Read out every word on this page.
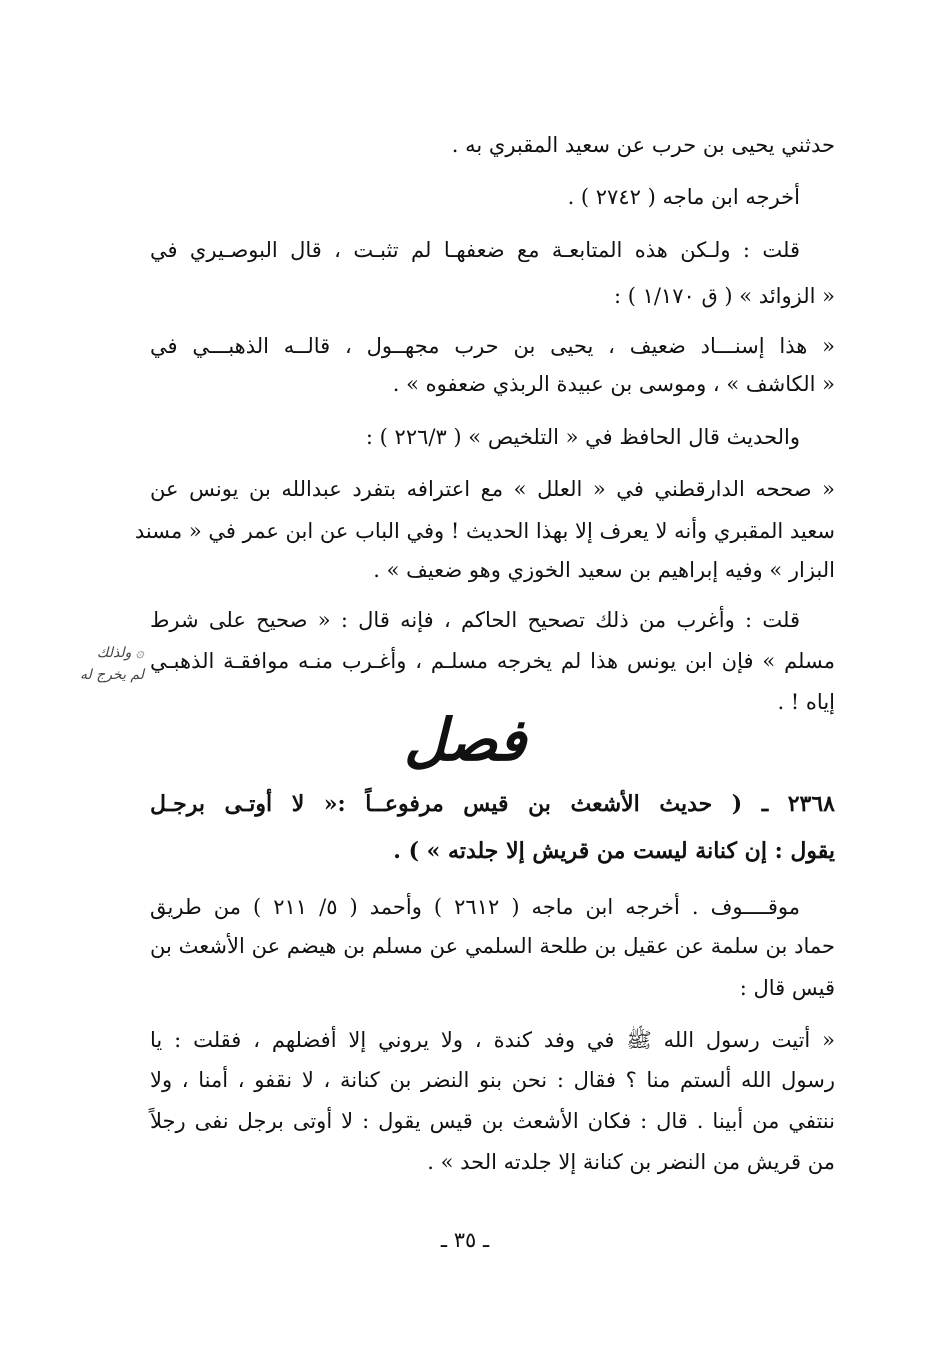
حدثني يحيى بن حرب عن سعيد المقبري به .
أخرجه ابن ماجه ( ٢٧٤٢ ) .
قلت : ولـكن هذه المتابعـة مع ضعفهـا لم تثبـت ، قال البوصـيري في
« الزوائد » ( ق ١/١٧٠ ) :
« هذا إسنـــاد ضعيف ، يحيى بن حرب مجهــول ، قالــه الذهبـــي في
« الكاشف » ، وموسى بن عبيدة الربذي ضعفوه » .
والحديث قال الحافظ في « التلخيص » ( ٢٢٦/٣ ) :
« صححه الدارقطني في « العلل » مع اعترافه بتفرد عبدالله بن يونس عن
سعيد المقبري وأنه لا يعرف إلا بهذا الحديث ! وفي الباب عن ابن عمر في « مسند
البزار » وفيه إبراهيم بن سعيد الخوزي وهو ضعيف » .
قلت : وأغرب من ذلك تصحيح الحاكم ، فإنه قال : « صحيح على شرط
مسلم » فإن ابن يونس هذا لم يخرجه مسلـم ، وأغـرب منـه موافقـة الذهبـي
إياه ! .
فصل
٢٣٦٨ ـ ( حديث الأشعث بن قيس مرفوعــاً :« لا أوتـى برجـل
يقول : إن كنانة ليست من قريش إلا جلدته » ) .
موقــــوف . أخرجه ابن ماجه ( ٢٦١٢ ) وأحمد ( ٥/ ٢١١ ) من طريق
حماد بن سلمة عن عقيل بن طلحة السلمي عن مسلم بن هيضم عن الأشعث بن
قيس قال :
« أتيت رسول الله ﷺ في وفد كندة ، ولا يروني إلا أفضلهم ، فقلت : يا
رسول الله ألستم منا ؟ فقال : نحن بنو النضر بن كنانة ، لا نقفو ، أمنا ، ولا
ننتفي من أبينا . قال : فكان الأشعث بن قيس يقول : لا أوتى برجل نفى رجلاً
من قريش من النضر بن كنانة إلا جلدته الحد » .
۞ ولذلك
لم يخرج له
ـ ٣٥ ـ
